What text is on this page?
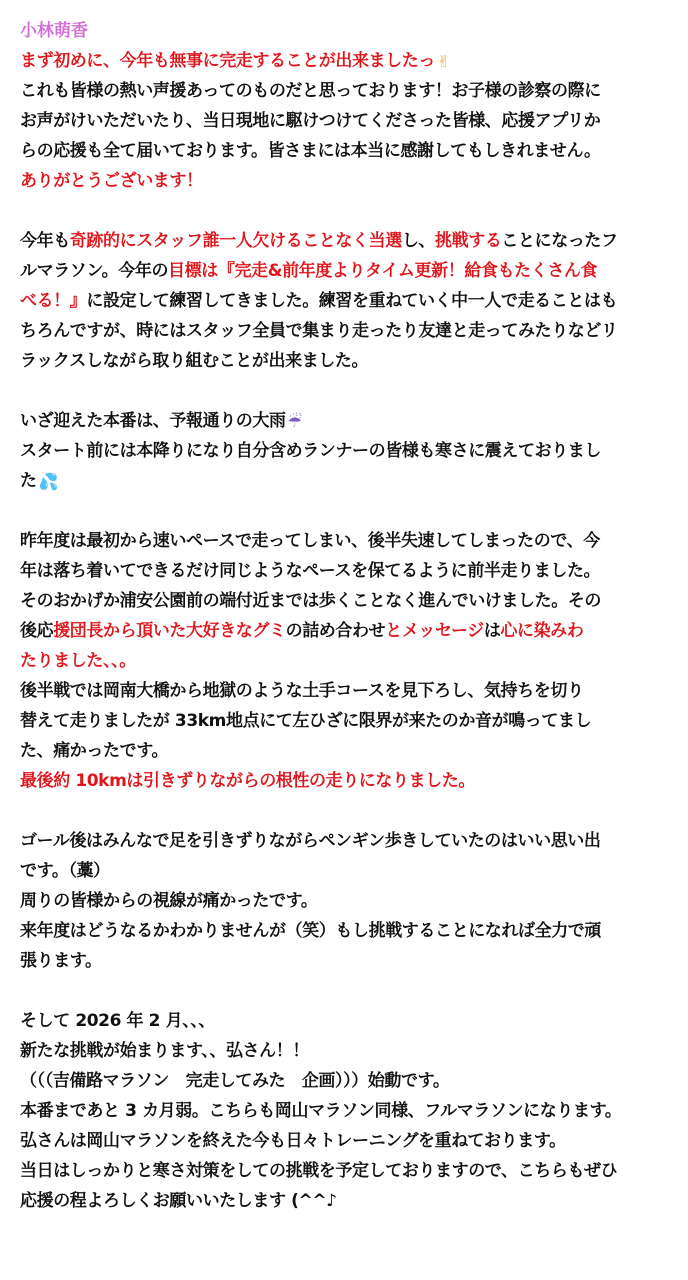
小林萌香
まず初めに、今年も無事に完走することが出来ましたっ ✌
これも皆様の熱い声援あってのものだと思っております！お子様の診察の際に
お声がけいただいたり、当日現地に駆けつけてくださった皆様、応援アプリか
らの応援も全て届いております。皆さまには本当に感謝してもしきれません。
ありがとうございます！
今年も奇跡的にスタッフ誰一人欠けることなく当選し、挑戦することになったフ
ルマラソン。今年の目標は『完走&前年度よりタイム更新！給食もたくさん食
べる！』に設定して練習してきました。練習を重ねていく中一人で走ることはも
ちろんですが、時にはスタッフ全員で集まり走ったり友達と走ってみたりなどリ
ラックスしながら取り組むことが出来ました。
いざ迎えた本番は、予報通りの大雨 ☔
スタート前には本降りになり自分含めランナーの皆様も寒さに震えておりまし
た 💦
昨年度は最初から速いペースで走ってしまい、後半失速してしまったので、今
年は落ち着いてできるだけ同じようなペースを保てるように前半走りました。
そのおかげか浦安公園前の端付近までは歩くことなく進んでいけました。その
後応援団長から頂いた大好きなグミの詰め合わせとメッセージは心に染みわ
たりました、、。
後半戦では岡南大橋から地獄のような土手コースを見下ろし、気持ちを切り
替えて走りましたが 33km地点にて左ひざに限界が来たのか音が鳴ってまし
た、痛かったです。
最後約 10kmは引きずりながらの根性の走りになりました。
ゴール後はみんなで足を引きずりながらペンギン歩きしていたのはいい思い出
です。（藁）
周りの皆様からの視線が痛かったです。
来年度はどうなるかわかりませんが（笑）もし挑戦することになれば全力で頑
張ります。
そして 2026 年 2 月、、、
新たな挑戦が始まります、、弘さん！！
（（（吉備路マラソン　完走してみた　企画）））始動です。
本番まであと 3 カ月弱。こちらも岡山マラソン同様、フルマラソンになります。
弘さんは岡山マラソンを終えた今も日々トレーニングを重ねております。
当日はしっかりと寒さ対策をしての挑戦を予定しておりますので、こちらもぜひ
応援の程よろしくお願いいたします (^^♪
